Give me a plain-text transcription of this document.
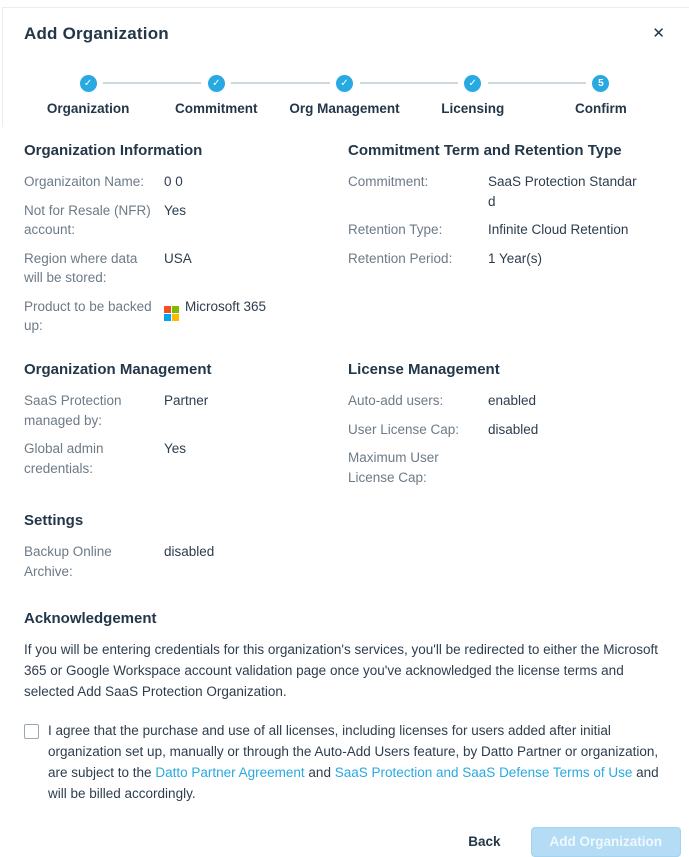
Add Organization	✕
✓
Organization
✓	Commitment
✓	Org Management
✓	Licensing
5
Confirm
Organization Information
Organizaiton Name:	0 0
Not for Resale (NFR) account:
Yes
Region where data will be stored:
USA
Product to be backed up:
Microsoft 365
Commitment Term and Retention Type
Commitment:	SaaS Protection Standard
Retention Type:	Infinite Cloud Retention
Retention Period:	1 Year(s)
Organization Management
SaaS Protection managed by:
Partner
Global admin credentials:
Yes
License Management
Auto-add users:	enabled
User License Cap:	disabled
Maximum User License Cap:
Settings
Backup Online Archive:
disabled
Acknowledgement

If you will be entering credentials for this organization's services, you'll be redirected to either the Microsoft 365 or Google Workspace account validation page once you've acknowledged the license terms and selected Add SaaS Protection Organization.

I agree that the purchase and use of all licenses, including licenses for users added after initial organization set up, manually or through the Auto-Add Users feature, by Datto Partner or organization, are subject to the Datto Partner Agreement and SaaS Protection and SaaS Defense Terms of Use and will be billed accordingly.
Back	Add Organization
